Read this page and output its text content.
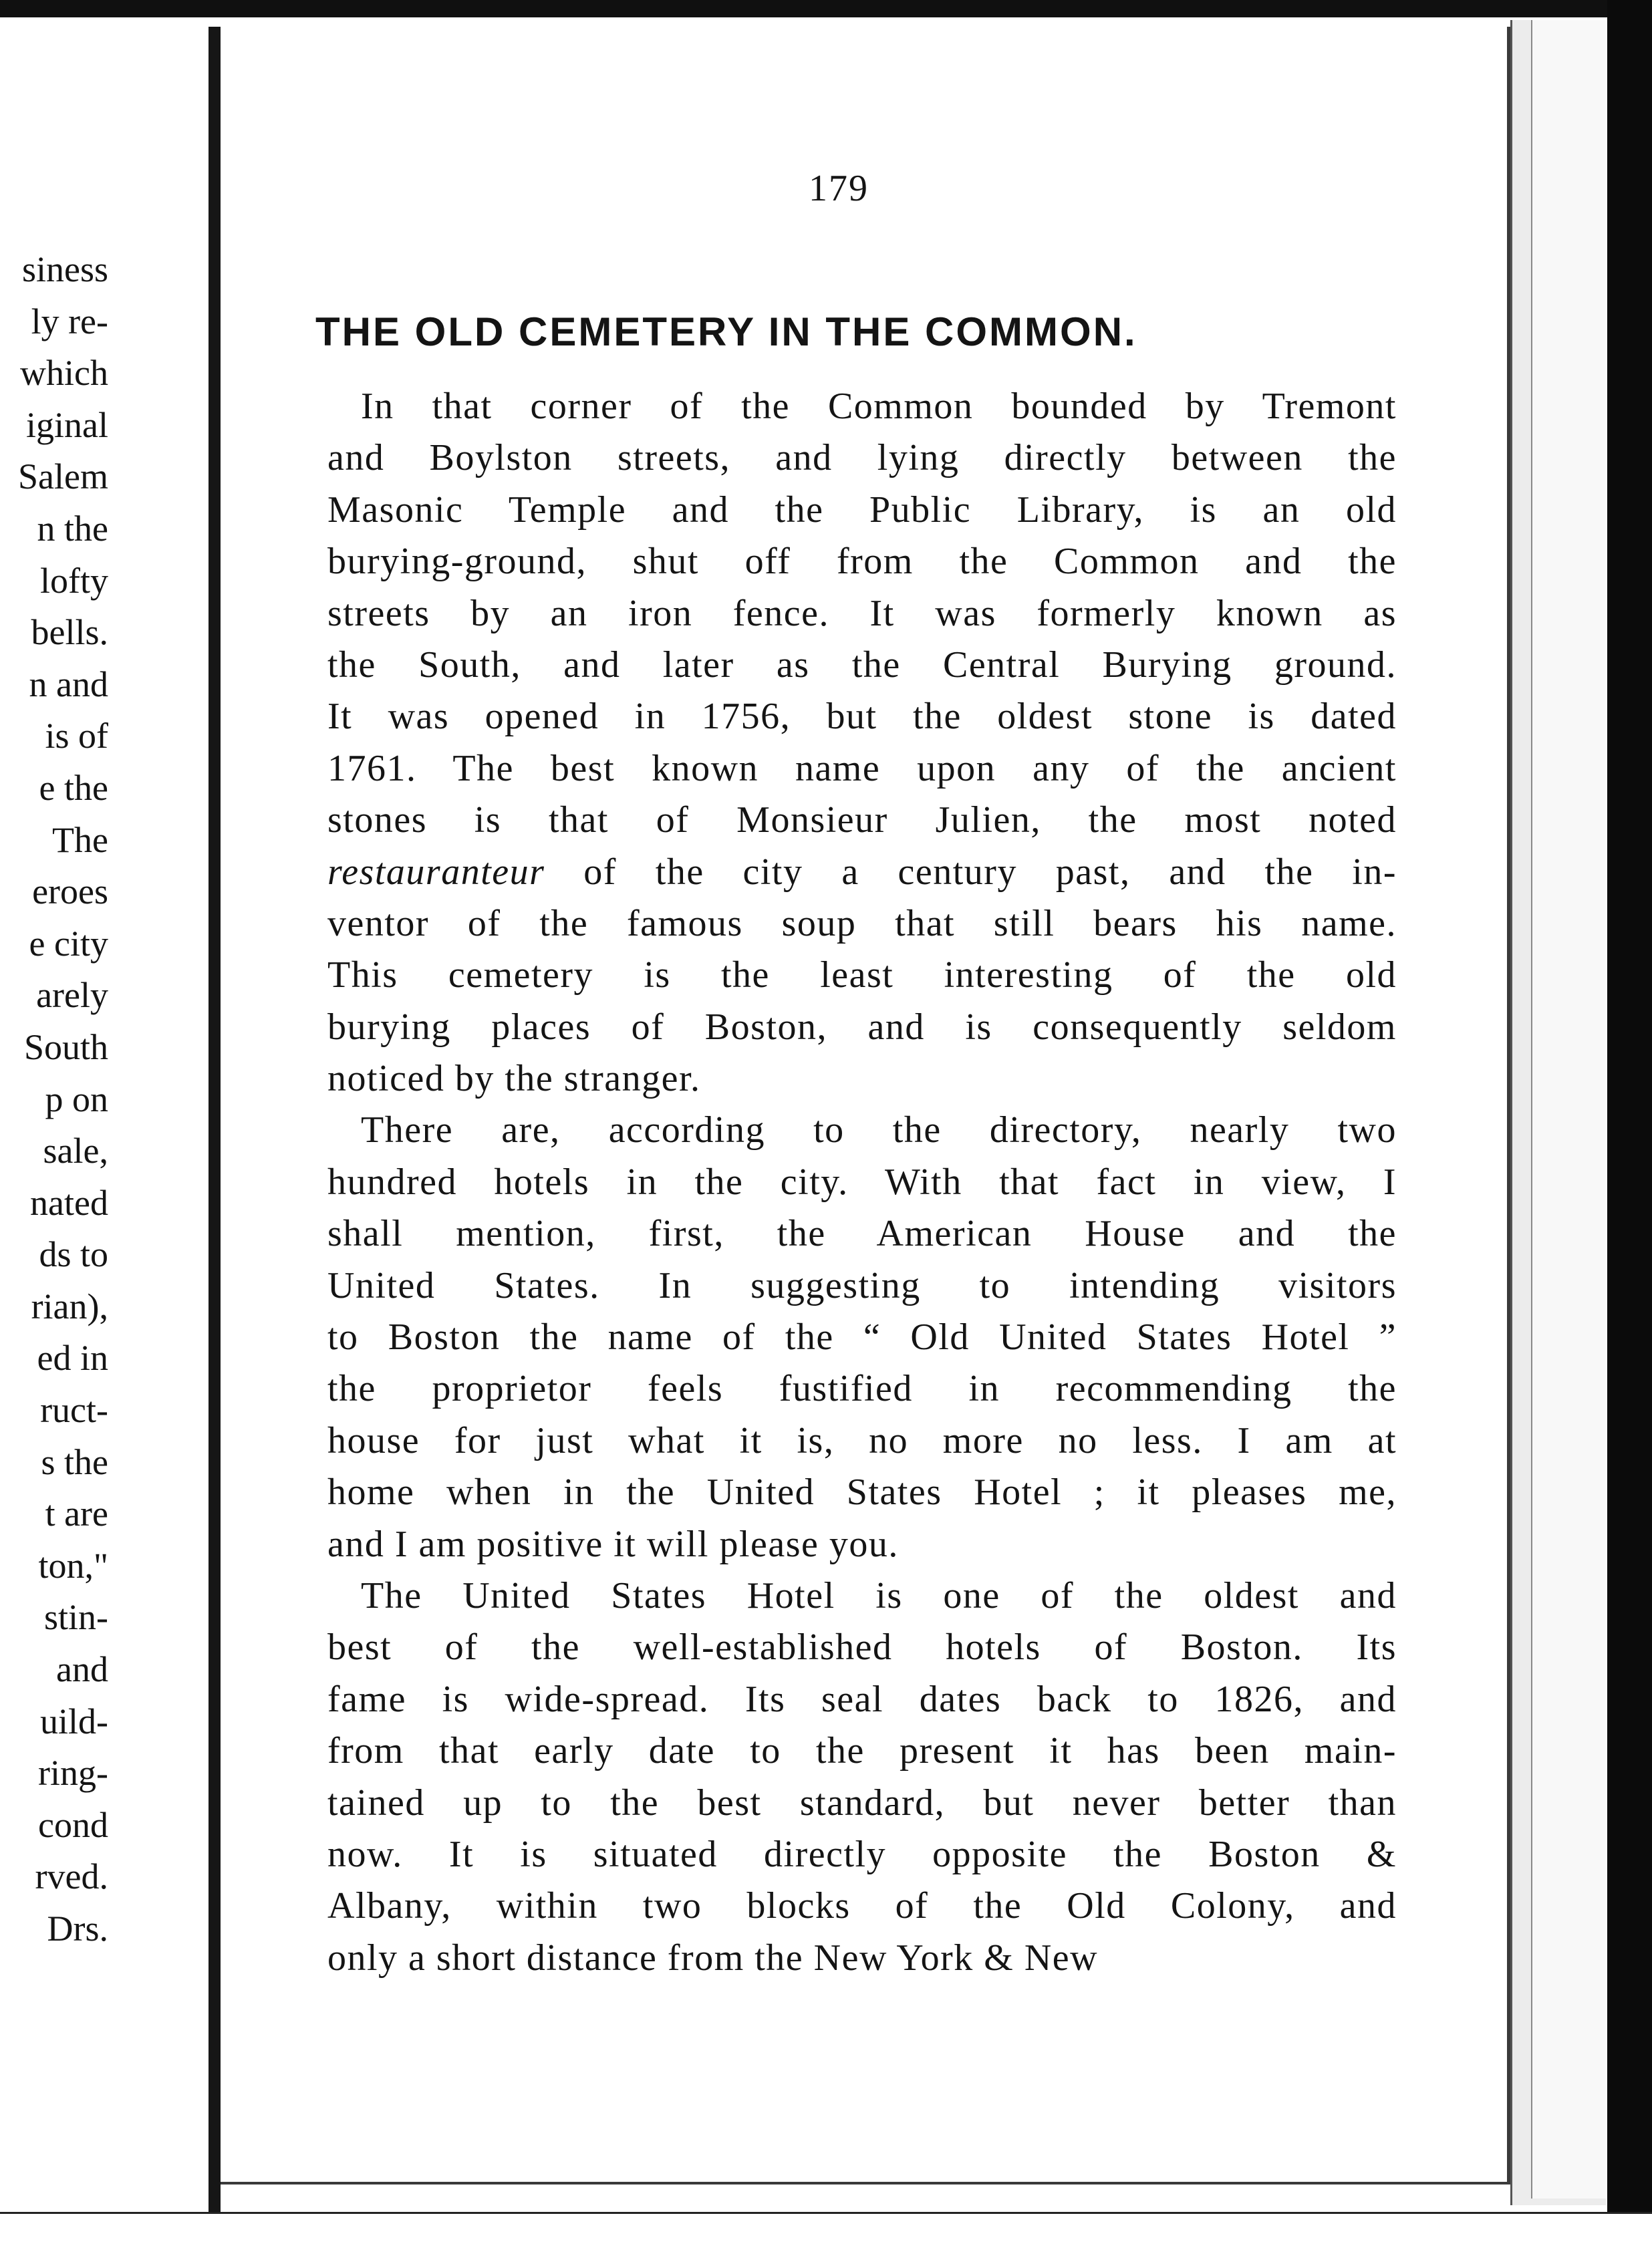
siness
ly re-
which
iginal
Salem
n the
lofty
bells.
n and
is of
e the
The
eroes
e city
arely
South
p on
sale,
nated
ds to
rian),
ed in
ruct-
s the
t are
ton,"
stin-
and
uild-
ring-
cond
rved.
Drs.
179
THE OLD CEMETERY IN THE COMMON.
In that corner of the Common bounded by Tremont
and Boylston streets, and lying directly between the
Masonic Temple and the Public Library, is an old
burying-ground, shut off from the Common and the
streets by an iron fence. It was formerly known as
the South, and later as the Central Burying ground.
It was opened in 1756, but the oldest stone is dated
1761. The best known name upon any of the ancient
stones is that of Monsieur Julien, the most noted
restauranteur of the city a century past, and the in-
ventor of the famous soup that still bears his name.
This cemetery is the least interesting of the old
burying places of Boston, and is consequently seldom
noticed by the stranger.
There are, according to the directory, nearly two
hundred hotels in the city. With that fact in view, I
shall mention, first, the American House and the
United States. In suggesting to intending visitors
to Boston the name of the “ Old United States Hotel ”
the proprietor feels fustified in recommending the
house for just what it is, no more no less. I am at
home when in the United States Hotel ; it pleases me,
and I am positive it will please you.
The United States Hotel is one of the oldest and
best of the well-established hotels of Boston. Its
fame is wide-spread. Its seal dates back to 1826, and
from that early date to the present it has been main-
tained up to the best standard, but never better than
now. It is situated directly opposite the Boston &
Albany, within two blocks of the Old Colony, and
only a short distance from the New York & New
